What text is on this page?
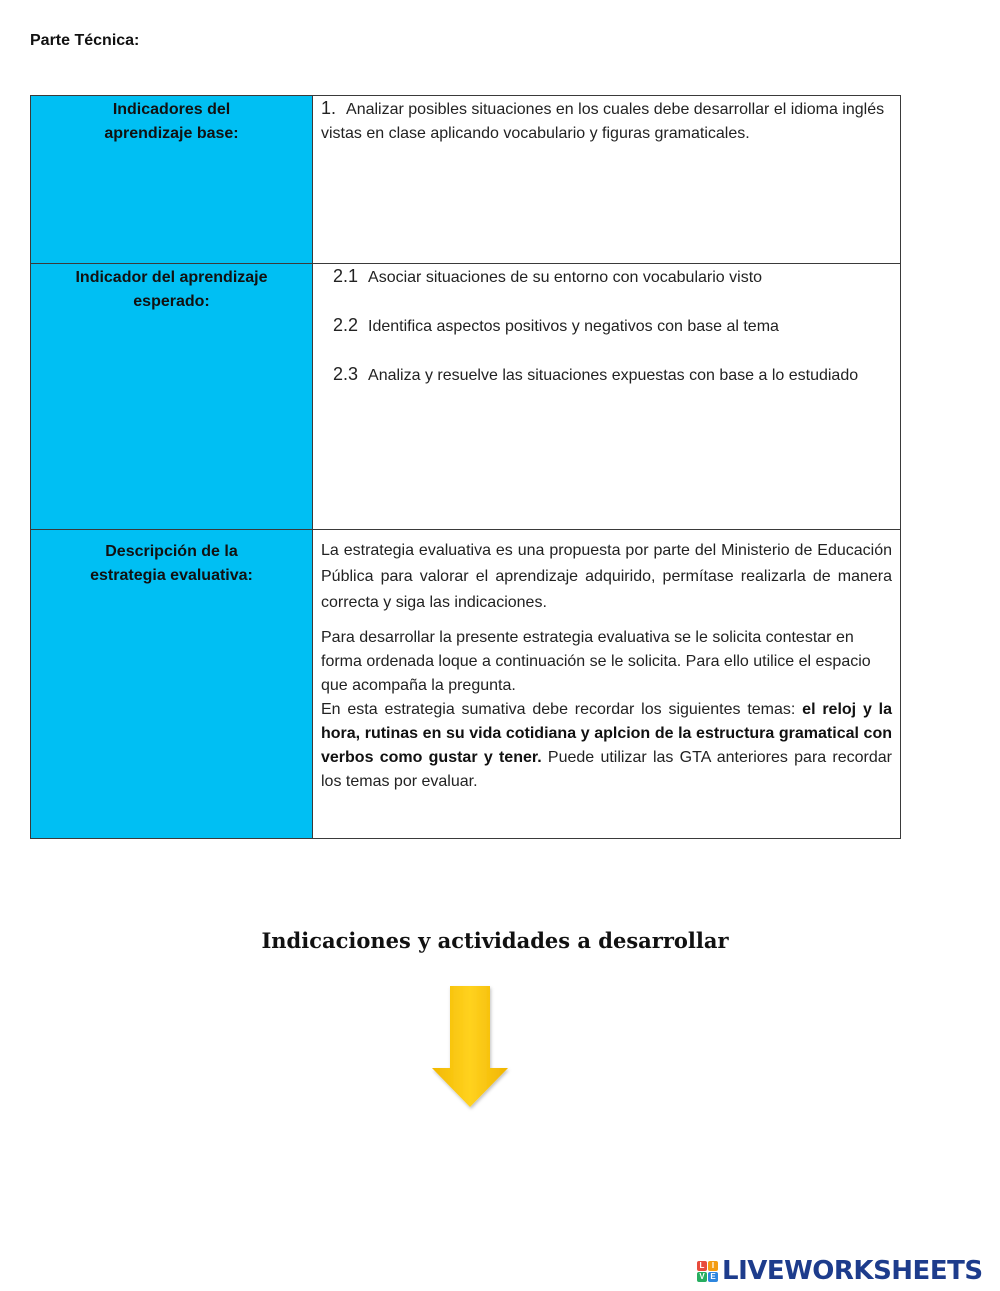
Parte Técnica:
Indicadores del aprendizaje base:	1. Analizar posibles situaciones en los cuales debe desarrollar el idioma inglés vistas en clase aplicando vocabulario y figuras gramaticales.

Indicador del aprendizaje esperado:	2.1 Asociar situaciones de su entorno con vocabulario visto
2.2 Identifica aspectos positivos y negativos con base al tema
2.3 Analiza y resuelve las situaciones expuestas con base a lo estudiado

Descripción de la estrategia evaluativa:	La estrategia evaluativa es una propuesta por parte del Ministerio de Educación Pública para valorar el aprendizaje adquirido, permítase realizarla de manera correcta y siga las indicaciones.
Para desarrollar la presente estrategia evaluativa se le solicita contestar en forma ordenada loque a continuación se le solicita. Para ello utilice el espacio que acompaña la pregunta.
En esta estrategia sumativa debe recordar los siguientes temas: el reloj y la hora, rutinas en su vida cotidiana y aplcion de la estructura gramatical con verbos como gustar y tener. Puede utilizar las GTA anteriores para recordar los temas por evaluar.
Indicaciones y actividades a desarrollar
L I
V E LIVEWORKSHEETS
